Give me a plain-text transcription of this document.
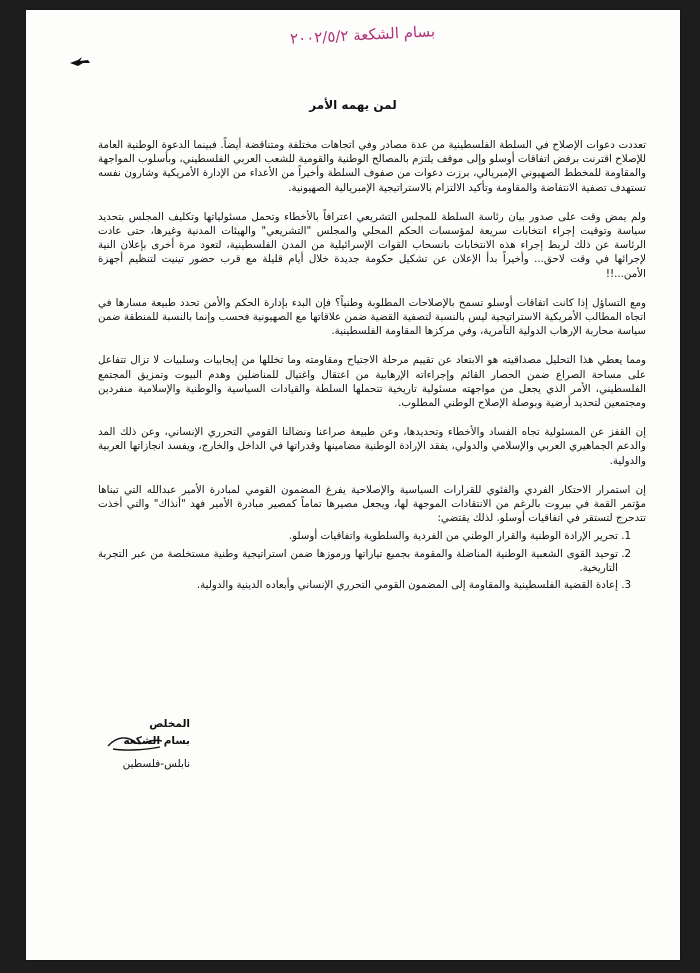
بسام الشكعة ٢٠٠٢/٥/٢
لمن يهمه الأمر

تعددت دعوات الإصلاح في السلطة الفلسطينية من عدة مصادر وفي اتجاهات مختلفة ومتناقضة أيضاً. فبينما الدعوة الوطنية العامة للإصلاح اقترنت برفض اتفاقات أوسلو وإلى موقف يلتزم بالمصالح الوطنية والقومية للشعب العربي الفلسطيني، وبأسلوب المواجهة والمقاومة للمخطط الصهيوني الإمبريالي، برزت دعوات من صفوف السلطة وأخيراً من الأعداء من الإدارة الأمريكية وشارون نفسه تستهدف تصفية الانتفاضة والمقاومة وتأكيد الالتزام بالاستراتيجية الإمبريالية الصهيونية.

ولم يمض وقت على صدور بيان رئاسة السلطة للمجلس التشريعي اعترافاً بالأخطاء وتحمل مسئولياتها وتكليف المجلس بتحديد سياسة وتوقيت إجراء انتخابات سريعة لمؤسسات الحكم المحلي والمجلس "التشريعي" والهيئات المدنية وغيرها، حتى عادت الرئاسة عن ذلك لربط إجراء هذه الانتخابات بانسحاب القوات الإسرائيلية من المدن الفلسطينية، لتعود مرة أخرى بإعلان النية لإجرائها في وقت لاحق... وأخيراً بدأ الإعلان عن تشكيل حكومة جديدة خلال أيام قليلة مع قرب حضور تينيت لتنظيم أجهزة الأمن...!!

ومع التساؤل إذا كانت اتفاقات أوسلو تسمح بالإصلاحات المطلوبة وطنياً؟ فإن البدء بإدارة الحكم والأمن تحدد طبيعة مسارها في اتجاه المطالب الأمريكية الاستراتيجية ليس بالنسبة لتصفية القضية ضمن علاقاتها مع الصهيونية فحسب وإنما بالنسبة للمنطقة ضمن سياسة محاربة الإرهاب الدولية التآمرية، وفي مركزها المقاومة الفلسطينية.

ومما يعطي هذا التحليل مصداقيته هو الابتعاد عن تقييم مرحلة الاجتياح ومقاومته وما تخللها من إيجابيات وسلبيات لا تزال تتفاعل على مساحة الصراع ضمن الحصار القائم وإجراءاته الإرهابية من اعتقال واغتيال للمناضلين وهدم البيوت وتمزيق المجتمع الفلسطيني، الأمر الذي يجعل من مواجهته مسئولية تاريخية تتحملها السلطة والقيادات السياسية والوطنية والإسلامية منفردين ومجتمعين لتحديد أرضية وبوصلة الإصلاح الوطني المطلوب.

إن القفز عن المسئولية تجاه الفساد والأخطاء وتحديدها، وعن طبيعة صراعنا ونضالنا القومي التحرري الإنساني، وعن ذلك المد والدعم الجماهيري العربي والإسلامي والدولي، يفقد الإرادة الوطنية مضامينها وقدراتها في الداخل والخارج، ويفسد انجازاتها العربية والدولية.

إن استمرار الاحتكار الفردي والفئوي للقرارات السياسية والإصلاحية يفرغ المضمون القومي لمبادرة الأمير عبدالله التي تبناها مؤتمر القمة في بيروت بالرغم من الانتقادات الموجهة لها، ويجعل مصيرها تماماً كمصير مبادرة الأمير فهد "أنذاك" والتي أخذت تتدحرج لتستقر في اتفاقيات أوسلو. لذلك يقتضي:

1. تحرير الإرادة الوطنية والقرار الوطني من الفردية والسلطوية واتفاقيات أوسلو.
2. توحيد القوى الشعبية الوطنية المناضلة والمقومة بجميع تياراتها ورموزها ضمن استراتيجية وطنية مستخلصة من عبر التجربة التاريخية.
3. إعادة القضية الفلسطينية والمقاومة إلى المضمون القومي التحرري الإنساني وأبعاده الدينية والدولية.
المخلص
بسام الشكعة
نابلس-فلسطين
